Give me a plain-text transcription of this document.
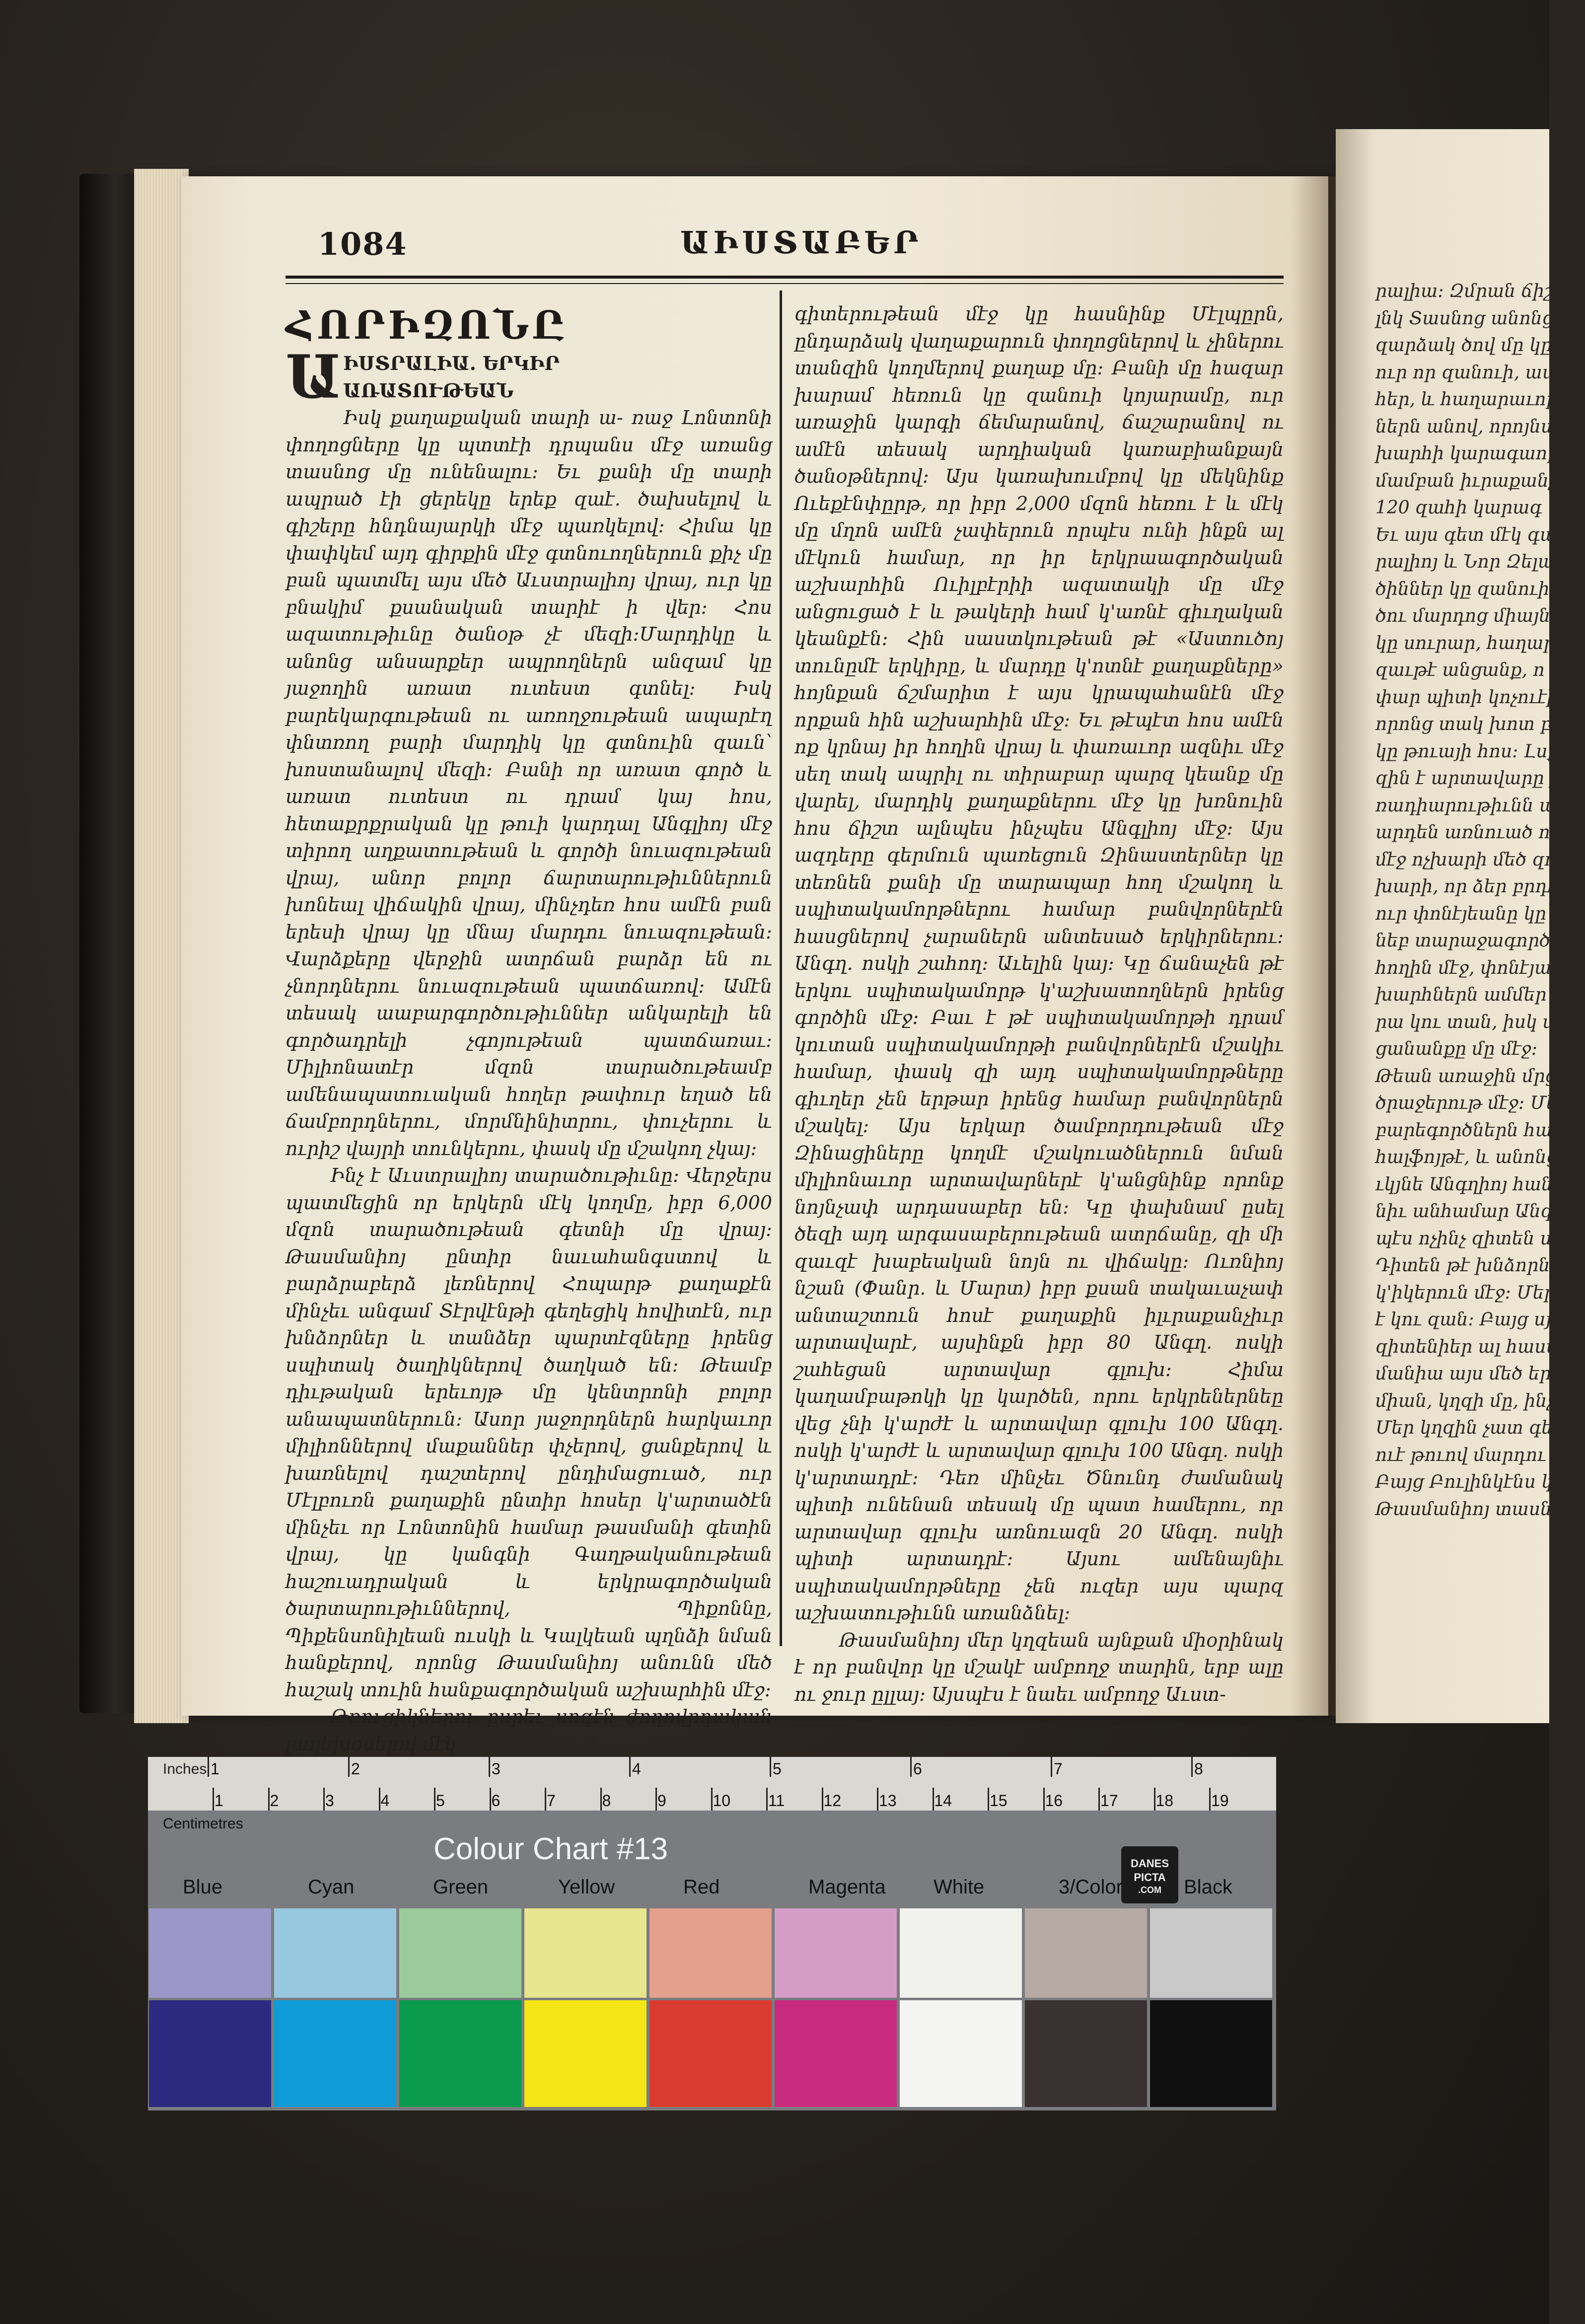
1084	ԱԻՍՏԱԲԵՐ
ՀՈՐԻԶՈՆԸ
Ա ԻՍՏՐԱԼԻԱ. ԵՐԿԻՐ

ԱՌԱՏՈՒԹԵԱՆ

Իսկ քաղաքական տարի ա- ռաջ Լոնտոնի փողոցները կը պտտէի դրպանս մէջ առանց տասնոց մը ունենալու։ Եւ քանի մը տարի ապրած էի ցերեկը երեք զաէ. ծախսելով և գիշերը հնդնայարկի մէջ պառկելով։ Հիմա կը փափկեմ այդ գիրքին մէջ գտնուողներուն քիչ մը բան պատմել այս մեծ Աւստրալիոյ վրայ, ուր կը բնակիմ քսանական տարիէ ի վեր։ Հոս ազատութիւնը ծանօթ չէ մեզի։Մարդիկը և անոնց անսարքեր ապրողներն անզամ կը յաջողին առատ ուտեստ գտնել։ Իսկ բարեկարգութեան ու առողջութեան ապարէղ փնտռող բարի մարդիկ կը գտնուին զաւն՝ խոստանալով մեզի։ Բանի որ առատ գործ և առատ ուտեստ ու դրամ կայ հոս, հետաքրքրական կը թուի կարդալ Անգլիոյ մէջ տիրող աղքատութեան և գործի նուազութեան վրայ, անոր բոլոր ճարտարութիւններուն խոնեալ վիճակին վրայ, մինչդեռ հոս ամէն բան երեսի վրայ կը մնայ մարդու նուազութեան։ Վարձքերը վերջին ատրճան բարձր են ու չնորդներու նուազութեան պատճառով։ Ամէն տեսակ աաբարգործութիւններ անկարելի են գործադրելի չգոյութեան պատճառաւ։ Միլիոնատէր մզոն տարածութեամբ ամենապատուական հողեր թափուր եղած են ճամբորդներու, մորմնինիտրու, փուչերու և ուրիշ վայրի տունկերու, փասկ մը մշակող չկայ։

Ինչ է Աւստրալիոյ տարածութիւնը։ Վերջերս պատմեցին որ երկերն մէկ կողմը, իբր 6,000 մզոն տարածութեան գետնի մը վրայ։ Թասմանիոյ ընտիր նաւահանգստով և բարձրաբերձ լեռներով Հոպարթ քաղաքէն մինչեւ անգամ Տէրվէնթի գեղեցիկ հովիտէն, ուր խնձորներ և տանձեր պարտէզները իրենց սպիտակ ծաղիկներով ծաղկած են։ Թեամբ դիւթական երեւոյթ մը կենտրոնի բոլոր անապատներուն։ Ասոր յաջորդներն հարկաւոր միլիոններով մաքաններ փչերով, ցանքերով և խառնելով դաշտերով ընդիմացուած, ուր Մէլբուռն քաղաքին ընտիր հոսեր կ'արտածէն մինչեւ որ Լոնտոնին համար թասմանի գետին վրայ, կը կանգնի Գաղթականութեան հաշուադրական և երկրագործական ծարտարութիւններով, Պիքոննը, Պիքենսոնիլեան ուսկի և Կալկեան պղնձի նման հանքերով, որոնց Թասմանիոյ անունն մեծ հաշակ տուին հանքագործական աշխարհին մէջ։

Թռուցիկներու ըսրեւ սոգէն ժողովրդական լաղեխօսելով մէկ

գիտերութեան մէջ կը հասնինք Մէլպըրն, ընդարձակ վաղաքարուն փողոցներով և չիներու տանզին կողմերով քաղաք մը։ Բանի մը հազար խարամ հեռուն կը զանուի կոյարամը, ուր առաջին կարգի ճեմարանով, ճաշարանով ու ամէն տեսակ արդիական կառաբիանքայն ծանօթներով։ Այս կառախումբով կը մեկնինք Ուեքէնփըրթ, որ իբր 2,000 մզոն հեռու է և մէկ մը մղոն ամէն չափերուն որպէս ունի ինքն ալ մէկուն համար, որ իր երկրաագործական աշխարհին Ուիլբէրիի ազատակի մը մէջ անցուցած է և թակերի համ կ'առնէ գիւղական կեանքէն։ Հին սաստկութեան թէ «Աստուծոյ տունըմէ երկիրը, և մարդը կ'ոտնէ քաղաքները» հոյնքան ճշմարիտ է այս կրապահանէն մէջ որքան հին աշխարհին մէջ։ Եւ թէպէտ հոս ամէն ոք կրնայ իր հողին վրայ և փառաւոր ազնիւ մէջ սեղ տակ ապրիլ ու տիրաբար պարզ կեանք մը վարել, մարդիկ քաղաքներու մէջ կը խռնուին հոս ճիշտ ալնպես ինչպես Անգլիոյ մէջ։ Այս ազդերը գերմուն պառեցուն Զինաստերներ կը տեռնեն քանի մը տարապար հող մշակող և սպիտակամորթներու համար բանվորներէն հասցներով չարաներն անտեսած երկիրներու։ Անգղ. ոսկի շահող։ Աւելին կայ։ Կը ճանաչեն թէ երկու սպիտակամորթ կ'աշխատողներն իրենց գործին մէջ։ Բաւ է թէ սպիտակամորթի դրամ կուտան սպիտակամորթի բանվորներէն մշակիւ համար, փասկ զի այդ սպիտակամորթները գիւղեր չեն երթար իրենց համար բանվորներն մշակել։ Այս երկար ծամբորդութեան մէջ Զինացիները կողմէ մշակուածներուն նման միլիոնաւոր արտավարներէ կ'անցնինք որոնք նոյնչափ արդասաբեր են։ Կը փախնամ ըսել ծեզի այդ արգասաբերութեան ատրճանը, զի մի զաւզէ խաբեական նոյն ու վիճակը։ Ուռնիոյ նշան (Փանր. և Մարտ) իբր քսան տակաւաչափ անտաշտուն հոսէ քաղաքին իլւրաքանչիւր արտավարէ, այսինքն իբր 80 Անգղ. ոսկի շահեցան արտավար գլուխ։ Հիմա կաղամբաթոկի կը կարծեն, որու երկրեներնեը վեց չնի կ'արժէ և արտավար գլուխ 100 Անգղ. ոսկի կ'արժէ և արտավար գլուխ 100 Անգղ. ոսկի կ'արտադրէ։ Դեռ մինչեւ Ծնունդ ժամանակ պիտի ունենան տեսակ մը պատ համերու, որ արտավար գլուխ առնուազն 20 Անգղ. ոսկի պիտի արտադրէ։ Այսու ամենայնիւ սպիտակամորթները չեն ուզեր այս պարզ աշխատութիւնն առանձնել։

Թասմանիոյ մեր կղզեան այնքան միօրինակ է որ բանվոր կը մշակէ ամբողջ տարին, երբ ալը ու ջուր ըլլայ։ Այսպէս է նաեւ ամբողջ Աւստ-

րալիա։ Զմրան ճիշտ
լնկ Տասնոց անոնց
զարձակ ծով մը կը
ուր որ զանուի, աառն
հեր, և հաղարաւոր
ներն անով, որոյնս ա
խարհի կարագաորձ
մամբան իւրաքանչիւ
120 զահի կարագ
Եւ այս գետ մէկ գա
րալիոյ և Նոր Զելան
ծիններ կը զանուին
ծու մարդոց միայն կ
կը սուրար, հաղար
զաւթէ անցանք, ո
փար պիտի կոչուէին
որոնց տակ խոտ բու
կը թուայի հոս։ Լսք
զին է արտավարը իր
ռադիարութիւնն ամե
արդեն առնուած ու
մէջ ոչխարի մեծ զո
խարի, որ ձեր բրդէ
ուր փոնէյեանը կը
նեբ տարաջագործի
հողին մէջ, փոնէյա
խարհներն ամմեր ա
րա կու տան, իսկ մեն
ցանանքը մը մէջ։
Թեան առաջին մրցան
ծրաջերութ մէջ։ Մեր
բարեգործներն հարի
հալֆոյթէ, և անոնց
ւկյնե Անգղիոյ հան
նիւ անհամար Անգղի
պէս ոչինչ զիտեն սա
Դիտեն թէ խնձորներ
կ'իկերուն մէջ։ Մեր
է կու զան։ Բայց սյս
զիտենիեր ալ հասար
մանիա այս մեծ երկրի
միան, կղզի մը, ինչ
Մեր կղզին չատ գեղ
ուէ թուով մարդու
Բայց Բուլինկէնս կա
Թասմանիոյ տասնաս
Inches 1	2	3	4	5	6	7	8
1	2	3	4	5	6	7	8	9	10 11 12 13 14 15 16 17 18 19
Centimetres
Colour Chart #13	DANES
PICTA
.COM
Blue	Cyan	Green	Yellow	Red	Magenta White	3/Color	Black
